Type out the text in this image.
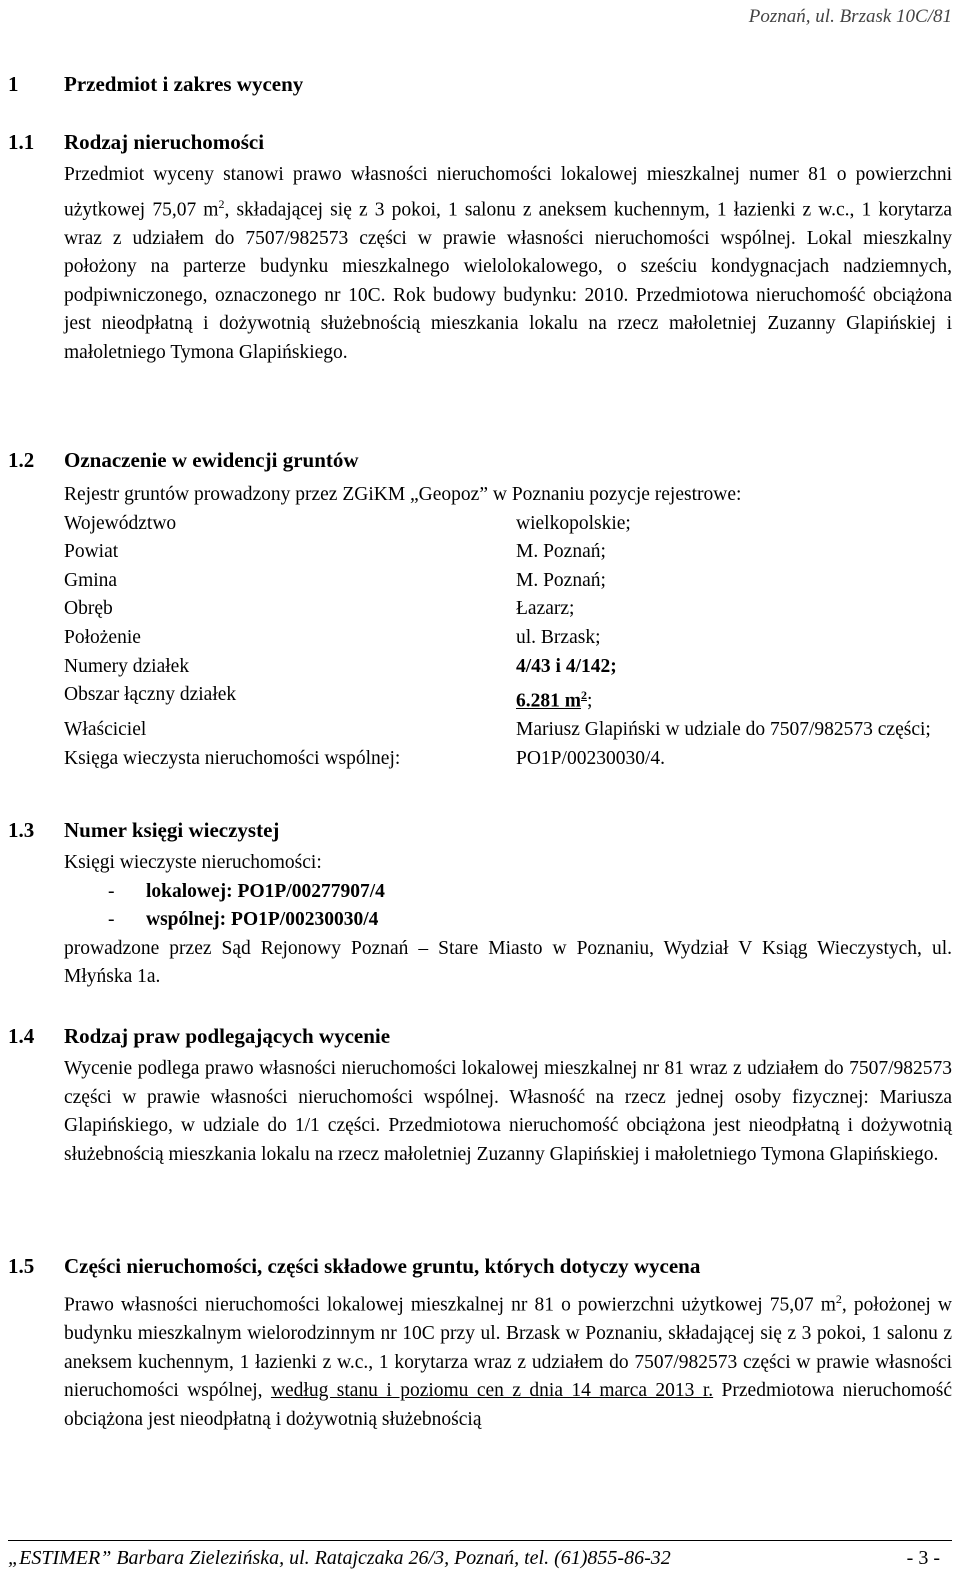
Poznań, ul. Brzask 10C/81
1 Przedmiot i zakres wyceny
1.1 Rodzaj nieruchomości

Przedmiot wyceny stanowi prawo własności nieruchomości lokalowej mieszkalnej numer 81 o powierzchni użytkowej 75,07 $m^2$, składającej się z 3 pokoi, 1 salonu z aneksem kuchennym, 1 łazienki z w.c., 1 korytarza wraz z udziałem do 7507/982573 części w prawie własności nieruchomości wspólnej. Lokal mieszkalny położony na parterze budynku mieszkalnego wielolokalowego, o sześciu kondygnacjach nadziemnych, podpiwniczonego, oznaczonego nr 10C. Rok budowy budynku: 2010. Przedmiotowa nieruchomość obciążona jest nieodpłatną i dożywotnią służebnością mieszkania lokalu na rzecz małoletniej Zuzanny Glapińskiej i małoletniego Tymona Glapińskiego.

1.2 Oznaczenie w ewidencji gruntów
Rejestr gruntów prowadzony przez ZGiKM „Geopoz” w Poznaniu pozycje rejestrowe:
Województwo	wielkopolskie;
Powiat	M. Poznań;
Gmina	M. Poznań;
Obręb	Łazarz;
Położenie	ul. Brzask;
Numery działek	4/43 i 4/142;
Obszar łączny działek	6.281 $m^2$;
Właściciel	Mariusz Glapiński w udziale do 7507/982573 części;
Księga wieczysta nieruchomości wspólnej:	PO1P/00230030/4.
1.3 Numer księgi wieczystej

Księgi wieczyste nieruchomości:

- lokalowej: PO1P/00277907/4
- wspólnej: PO1P/00230030/4

prowadzone przez Sąd Rejonowy Poznań – Stare Miasto w Poznaniu, Wydział V Ksiąg Wieczystych, ul. Młyńska 1a.

1.4 Rodzaj praw podlegających wycenie

Wycenie podlega prawo własności nieruchomości lokalowej mieszkalnej nr 81 wraz z udziałem do 7507/982573 części w prawie własności nieruchomości wspólnej. Własność na rzecz jednej osoby fizycznej: Mariusza Glapińskiego, w udziale do 1/1 części. Przedmiotowa nieruchomość obciążona jest nieodpłatną i dożywotnią służebnością mieszkania lokalu na rzecz małoletniej Zuzanny Glapińskiej i małoletniego Tymona Glapińskiego.

1.5 Części nieruchomości, części składowe gruntu, których dotyczy wycena

Prawo własności nieruchomości lokalowej mieszkalnej nr 81 o powierzchni użytkowej 75,07 $m^2$, położonej w budynku mieszkalnym wielorodzinnym nr 10C przy ul. Brzask w Poznaniu, składającej się z 3 pokoi, 1 salonu z aneksem kuchennym, 1 łazienki z w.c., 1 korytarza wraz z udziałem do 7507/982573 części w prawie własności nieruchomości wspólnej, według stanu i poziomu cen z dnia 14 marca 2013 r. Przedmiotowa nieruchomość obciążona jest nieodpłatną i dożywotnią służebnością

„ESTIMER” Barbara Zielezińska, ul. Ratajczaka 26/3, Poznań, tel. (61)855-86-32	- 3 -
